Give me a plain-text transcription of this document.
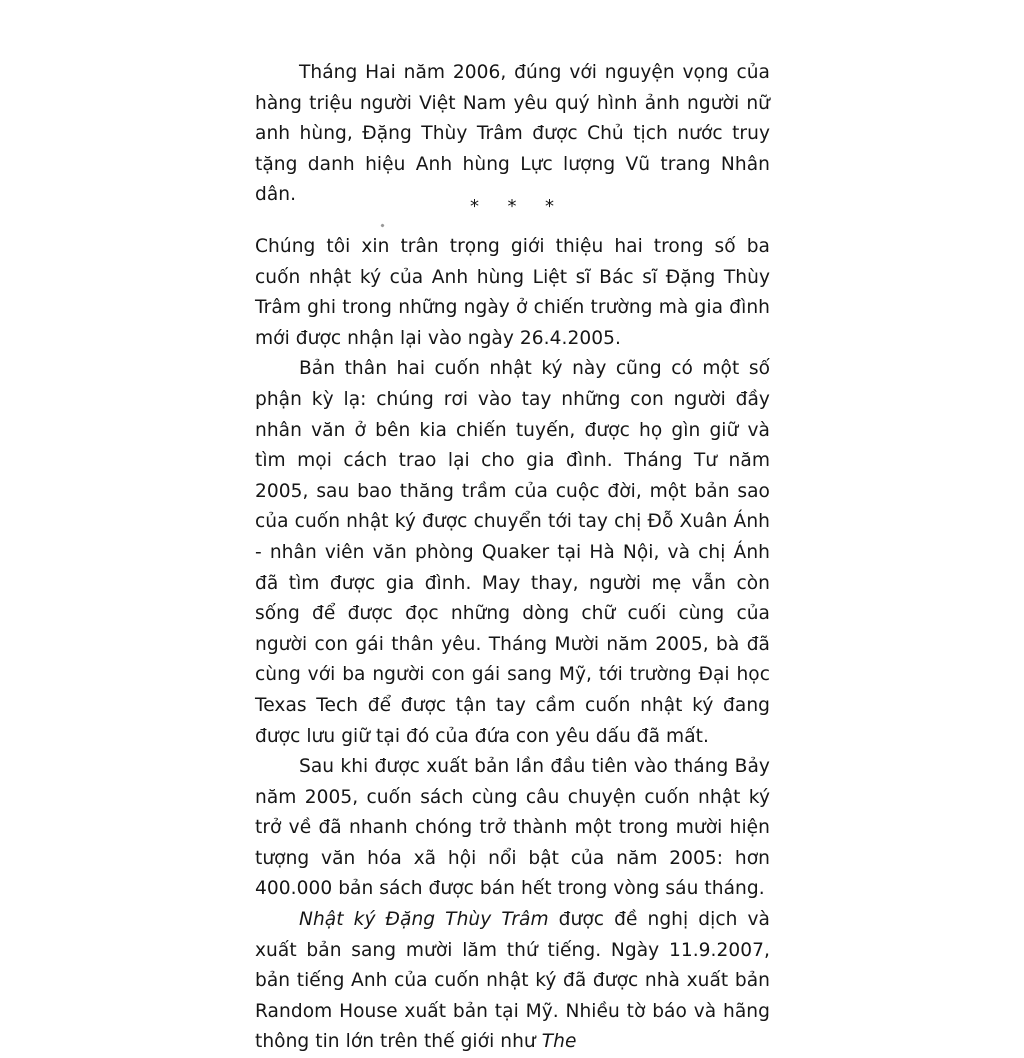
Tháng Hai năm 2006, đúng với nguyện vọng của hàng triệu người Việt Nam yêu quý hình ảnh người nữ anh hùng, Đặng Thùy Trâm được Chủ tịch nước truy tặng danh hiệu Anh hùng Lực lượng Vũ trang Nhân dân.

* * *

Chúng tôi xin trân trọng giới thiệu hai trong số ba cuốn nhật ký của Anh hùng Liệt sĩ Bác sĩ Đặng Thùy Trâm ghi trong những ngày ở chiến trường mà gia đình mới được nhận lại vào ngày 26.4.2005.

Bản thân hai cuốn nhật ký này cũng có một số phận kỳ lạ: chúng rơi vào tay những con người đầy nhân văn ở bên kia chiến tuyến, được họ gìn giữ và tìm mọi cách trao lại cho gia đình. Tháng Tư năm 2005, sau bao thăng trầm của cuộc đời, một bản sao của cuốn nhật ký được chuyển tới tay chị Đỗ Xuân Ánh - nhân viên văn phòng Quaker tại Hà Nội, và chị Ánh đã tìm được gia đình. May thay, người mẹ vẫn còn sống để được đọc những dòng chữ cuối cùng của người con gái thân yêu. Tháng Mười năm 2005, bà đã cùng với ba người con gái sang Mỹ, tới trường Đại học Texas Tech để được tận tay cầm cuốn nhật ký đang được lưu giữ tại đó của đứa con yêu dấu đã mất.

Sau khi được xuất bản lần đầu tiên vào tháng Bảy năm 2005, cuốn sách cùng câu chuyện cuốn nhật ký trở về đã nhanh chóng trở thành một trong mười hiện tượng văn hóa xã hội nổi bật của năm 2005: hơn 400.000 bản sách được bán hết trong vòng sáu tháng.

Nhật ký Đặng Thùy Trâm được đề nghị dịch và xuất bản sang mười lăm thứ tiếng. Ngày 11.9.2007, bản tiếng Anh của cuốn nhật ký đã được nhà xuất bản Random House xuất bản tại Mỹ. Nhiều tờ báo và hãng thông tin lớn trên thế giới như The
